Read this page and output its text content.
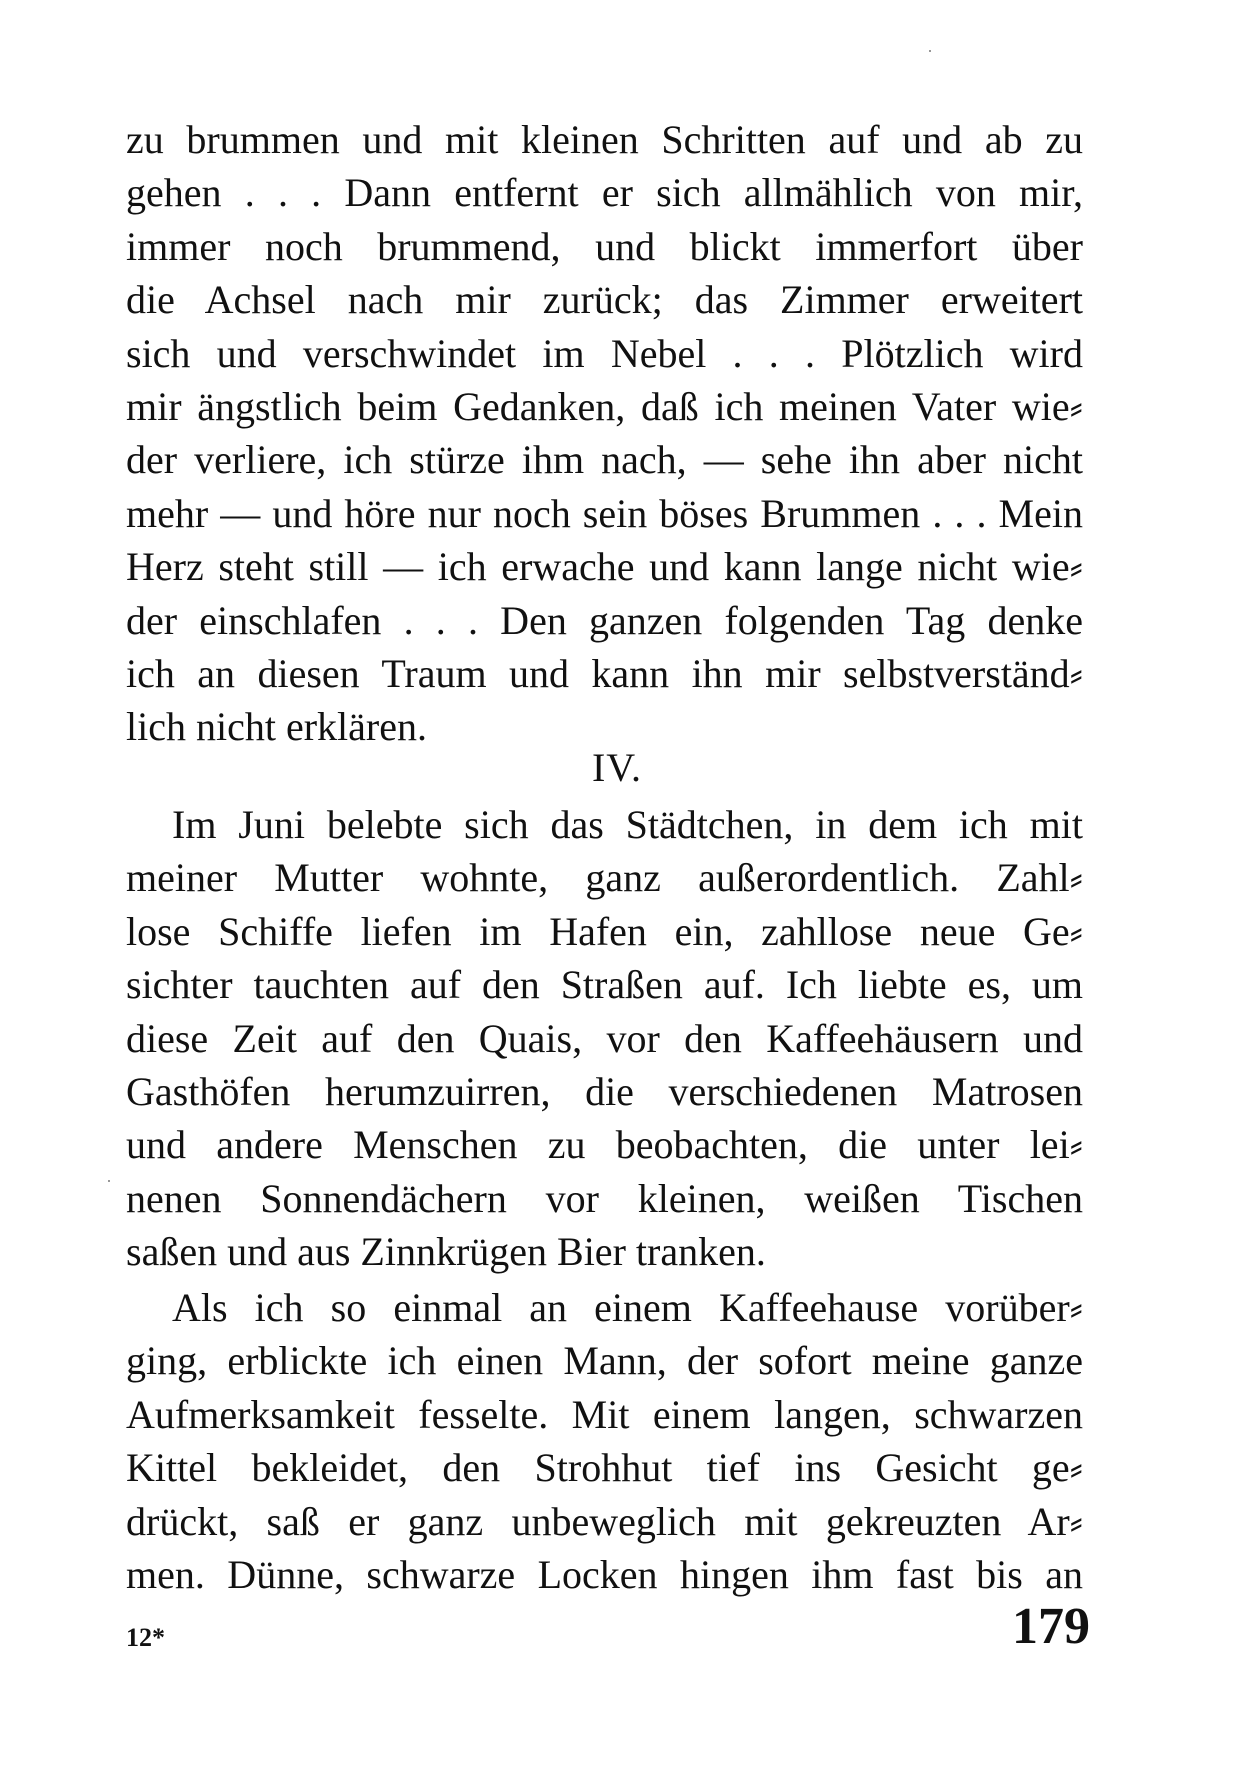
zu brummen und mit kleinen Schritten auf und ab zu
gehen . . . Dann entfernt er sich allmählich von mir,
immer noch brummend, und blickt immerfort über
die Achsel nach mir zurück; das Zimmer erweitert
sich und verschwindet im Nebel . . . Plötzlich wird
mir ängstlich beim Gedanken, daß ich meinen Vater wie⸗
der verliere, ich stürze ihm nach, — sehe ihn aber nicht
mehr — und höre nur noch sein böses Brummen . . . Mein
Herz steht still — ich erwache und kann lange nicht wie⸗
der einschlafen . . . Den ganzen folgenden Tag denke
ich an diesen Traum und kann ihn mir selbstverständ⸗
lich nicht erklären.
IV.
Im Juni belebte sich das Städtchen, in dem ich mit
meiner Mutter wohnte, ganz außerordentlich. Zahl⸗
lose Schiffe liefen im Hafen ein, zahllose neue Ge⸗
sichter tauchten auf den Straßen auf. Ich liebte es, um
diese Zeit auf den Quais, vor den Kaffeehäusern und
Gasthöfen herumzuirren, die verschiedenen Matrosen
und andere Menschen zu beobachten, die unter lei⸗
nenen Sonnendächern vor kleinen, weißen Tischen
saßen und aus Zinnkrügen Bier tranken.
Als ich so einmal an einem Kaffeehause vorüber⸗
ging, erblickte ich einen Mann, der sofort meine ganze
Aufmerksamkeit fesselte. Mit einem langen, schwarzen
Kittel bekleidet, den Strohhut tief ins Gesicht ge⸗
drückt, saß er ganz unbeweglich mit gekreuzten Ar⸗
men. Dünne, schwarze Locken hingen ihm fast bis an
12*	179
